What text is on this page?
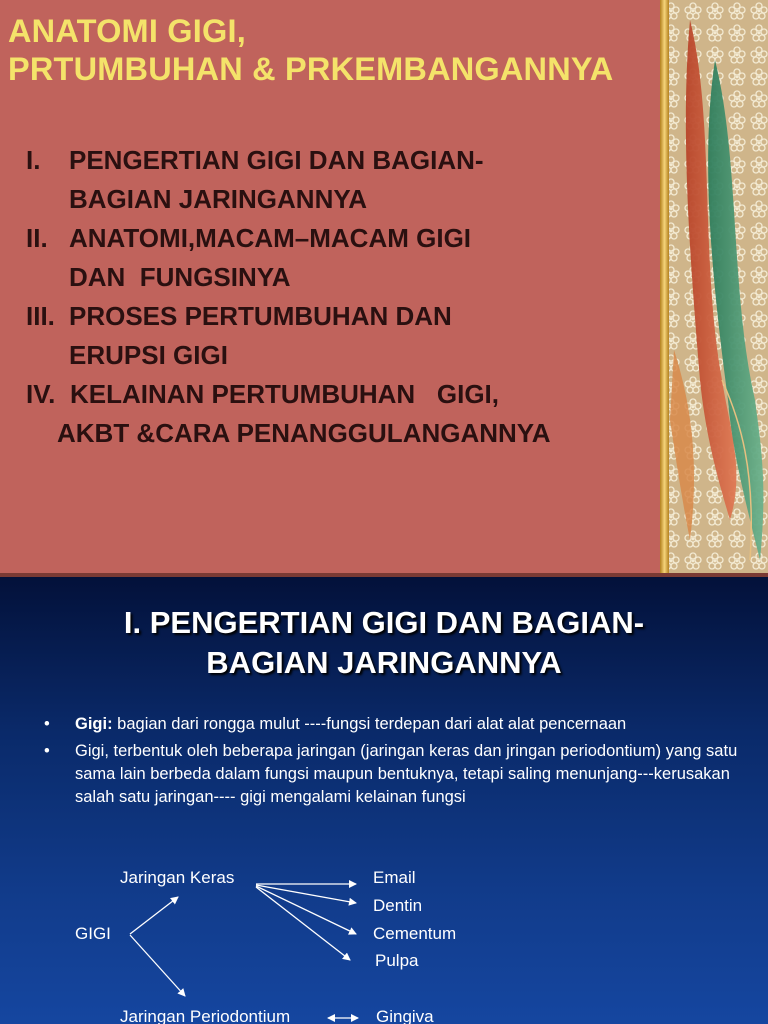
ANATOMI GIGI,
PRTUMBUHAN & PRKEMBANGANNYA
I. PENGERTIAN GIGI DAN BAGIAN-
BAGIAN JARINGANNYA
II. ANATOMI,MACAM–MACAM GIGI
DAN  FUNGSINYA
III. PROSES PERTUMBUHAN DAN
ERUPSI GIGI
IV. KELAINAN PERTUMBUHAN   GIGI,
AKBT &CARA PENANGGULANGANNYA
I. PENGERTIAN GIGI DAN BAGIAN-
BAGIAN JARINGANNYA
•	Gigi: bagian dari rongga mulut ----fungsi terdepan dari alat alat pencernaan
•	Gigi, terbentuk oleh beberapa jaringan (jaringan keras dan jringan periodontium) yang satu sama lain berbeda dalam fungsi maupun bentuknya, tetapi saling menunjang---kerusakan salah satu jaringan---- gigi mengalami kelainan fungsi
Jaringan Keras
GIGI
Email
Dentin
Cementum
Pulpa
Jaringan Periodontium	Gingiva
